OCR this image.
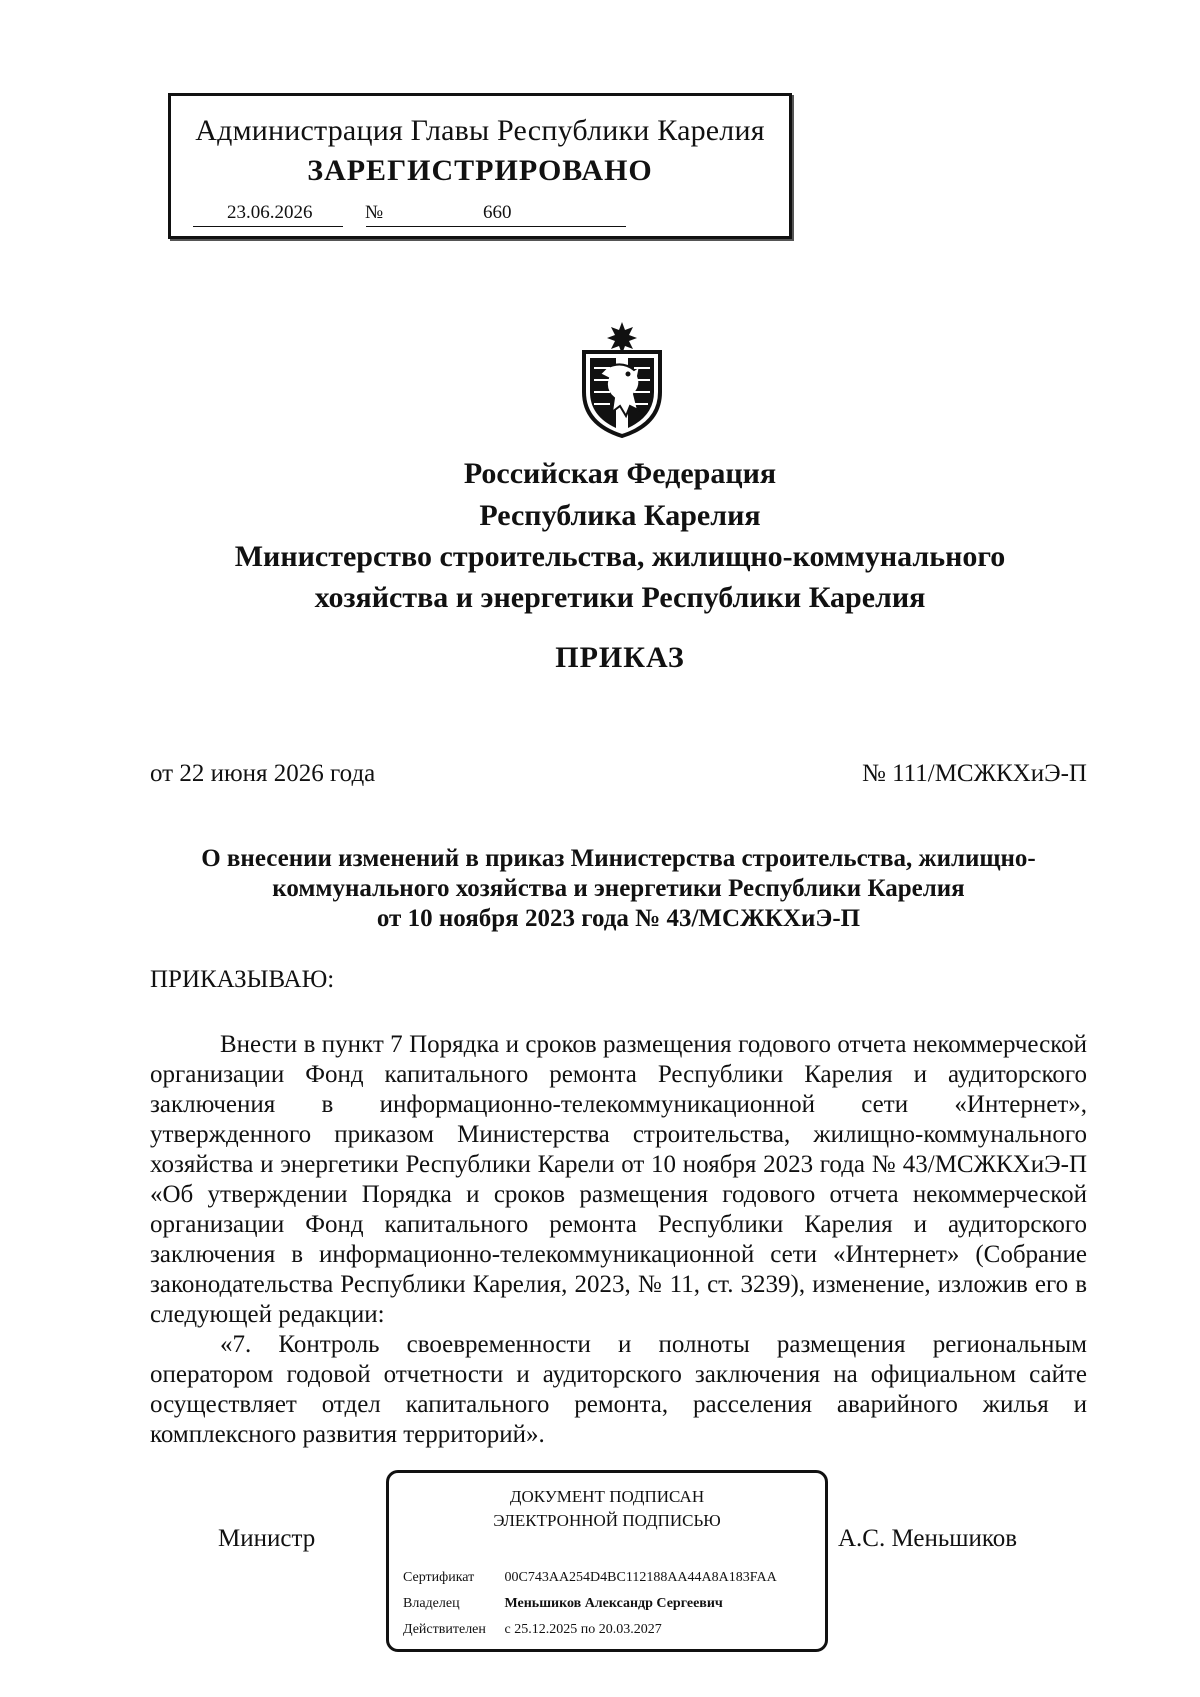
Администрация Главы Республики Карелия
ЗАРЕГИСТРИРОВАНО
23.06.2026	№	660
Российская Федерация
Республика Карелия
Министерство строительства, жилищно-коммунального
хозяйства и энергетики Республики Карелия
ПРИКАЗ
от 22 июня 2026 года	№ 111/МСЖКХиЭ-П
О внесении изменений в приказ Министерства строительства, жилищно-
коммунального хозяйства и энергетики Республики Карелия
от 10 ноября 2023 года № 43/МСЖКХиЭ-П
ПРИКАЗЫВАЮ:

Внести в пункт 7 Порядка и сроков размещения годового отчета некоммерческой организации Фонд капитального ремонта Республики Карелия и аудиторского заключения в информационно-телекоммуникационной сети «Интернет», утвержденного приказом Министерства строительства, жилищно-коммунального хозяйства и энергетики Республики Карели от 10 ноября 2023 года № 43/МСЖКХиЭ-П «Об утверждении Порядка и сроков размещения годового отчета некоммерческой организации Фонд капитального ремонта Республики Карелия и аудиторского заключения в информационно-телекоммуникационной сети «Интернет» (Собрание законодательства Республики Карелия, 2023, № 11, ст. 3239), изменение, изложив его в следующей редакции:

«7. Контроль своевременности и полноты размещения региональным оператором годовой отчетности и аудиторского заключения на официальном сайте осуществляет отдел капитального ремонта, расселения аварийного жилья и комплексного развития территорий».

Министр
ДОКУМЕНТ ПОДПИСАН
ЭЛЕКТРОННОЙ ПОДПИСЬЮ
Сертификат 00C743AA254D4BC112188AA44A8A183FAA
Владелец	Меньшиков Александр Сергеевич
Действителен с 25.12.2025 по 20.03.2027
А.С. Меньшиков
